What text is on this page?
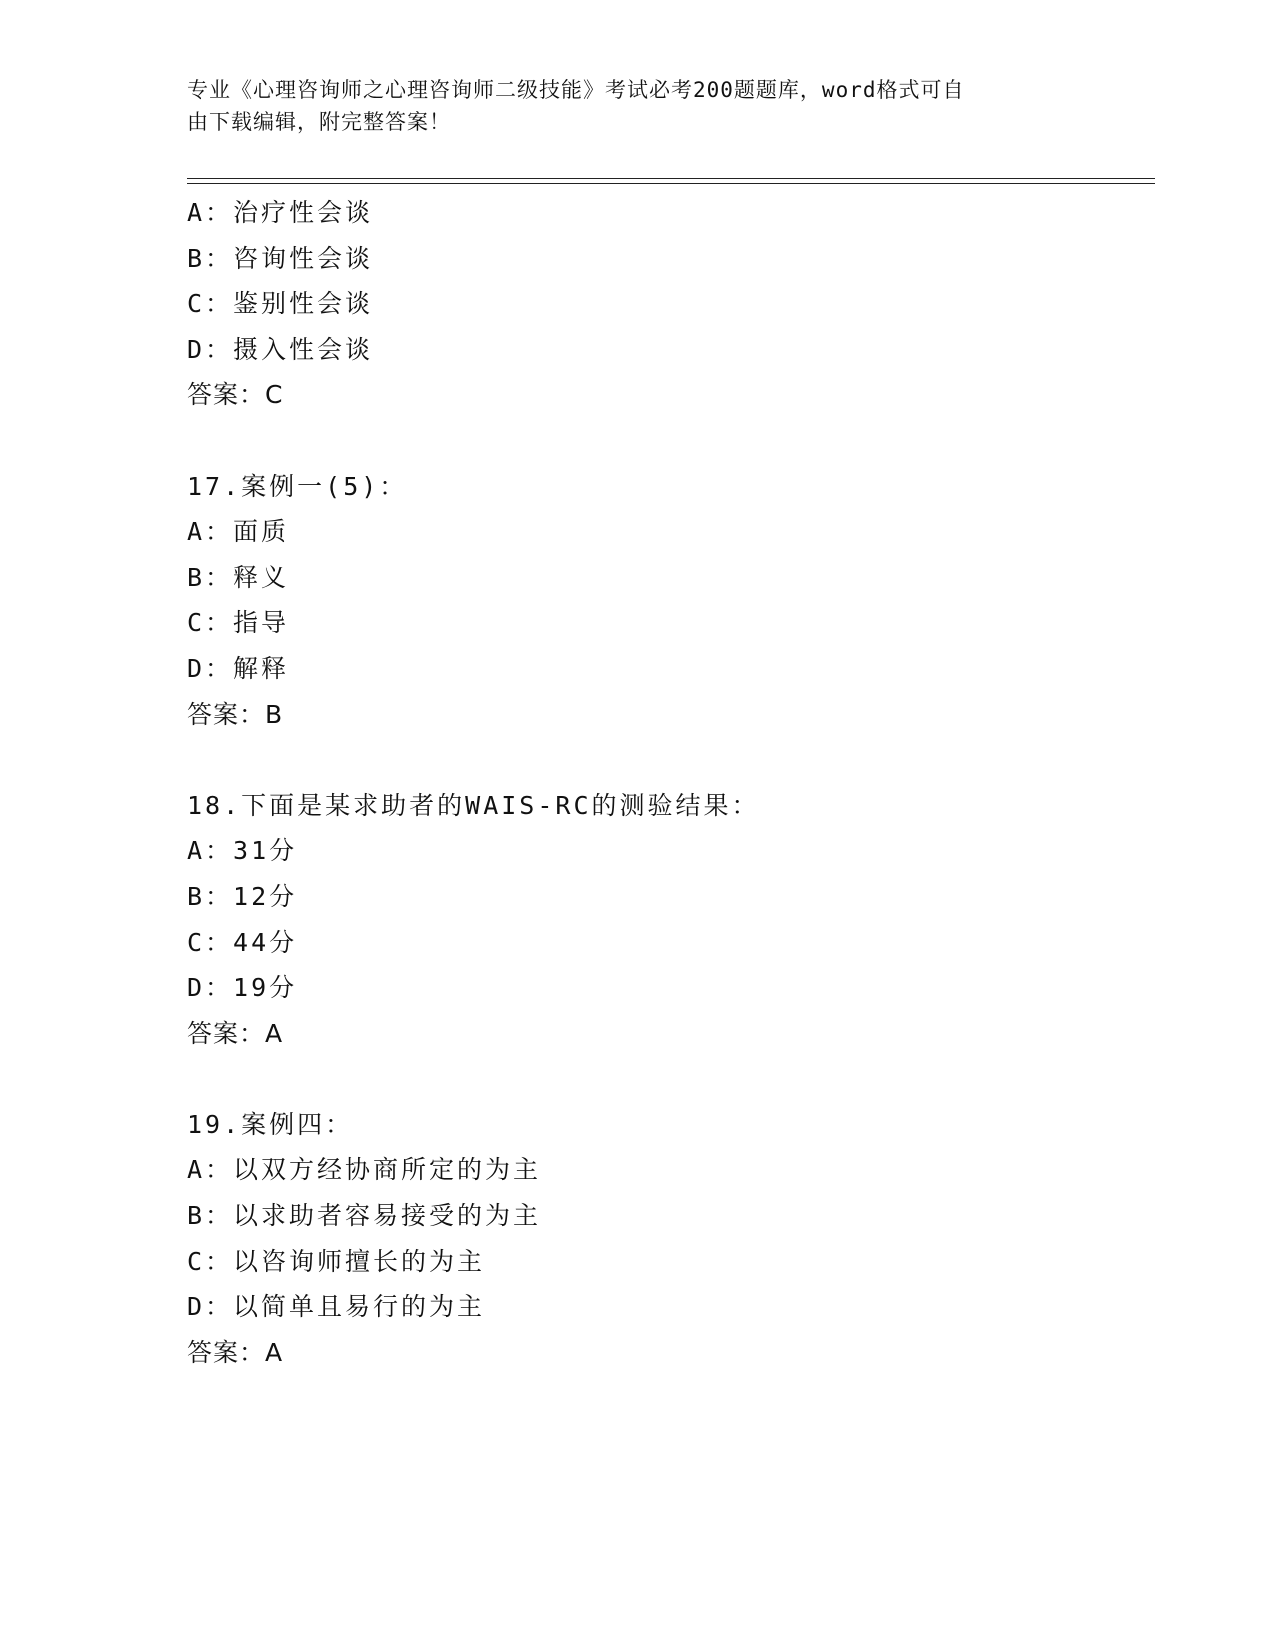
专业《心理咨询师之心理咨询师二级技能》考试必考200题题库，word格式可自
由下载编辑，附完整答案！
A：治疗性会谈
B：咨询性会谈
C：鉴别性会谈
D：摄入性会谈
答案：C
17.案例一(5)：
A：面质
B：释义
C：指导
D：解释
答案：B
18.下面是某求助者的WAIS-RC的测验结果：
A：31分
B：12分
C：44分
D：19分
答案：A
19.案例四：
A：以双方经协商所定的为主
B：以求助者容易接受的为主
C：以咨询师擅长的为主
D：以简单且易行的为主
答案：A
